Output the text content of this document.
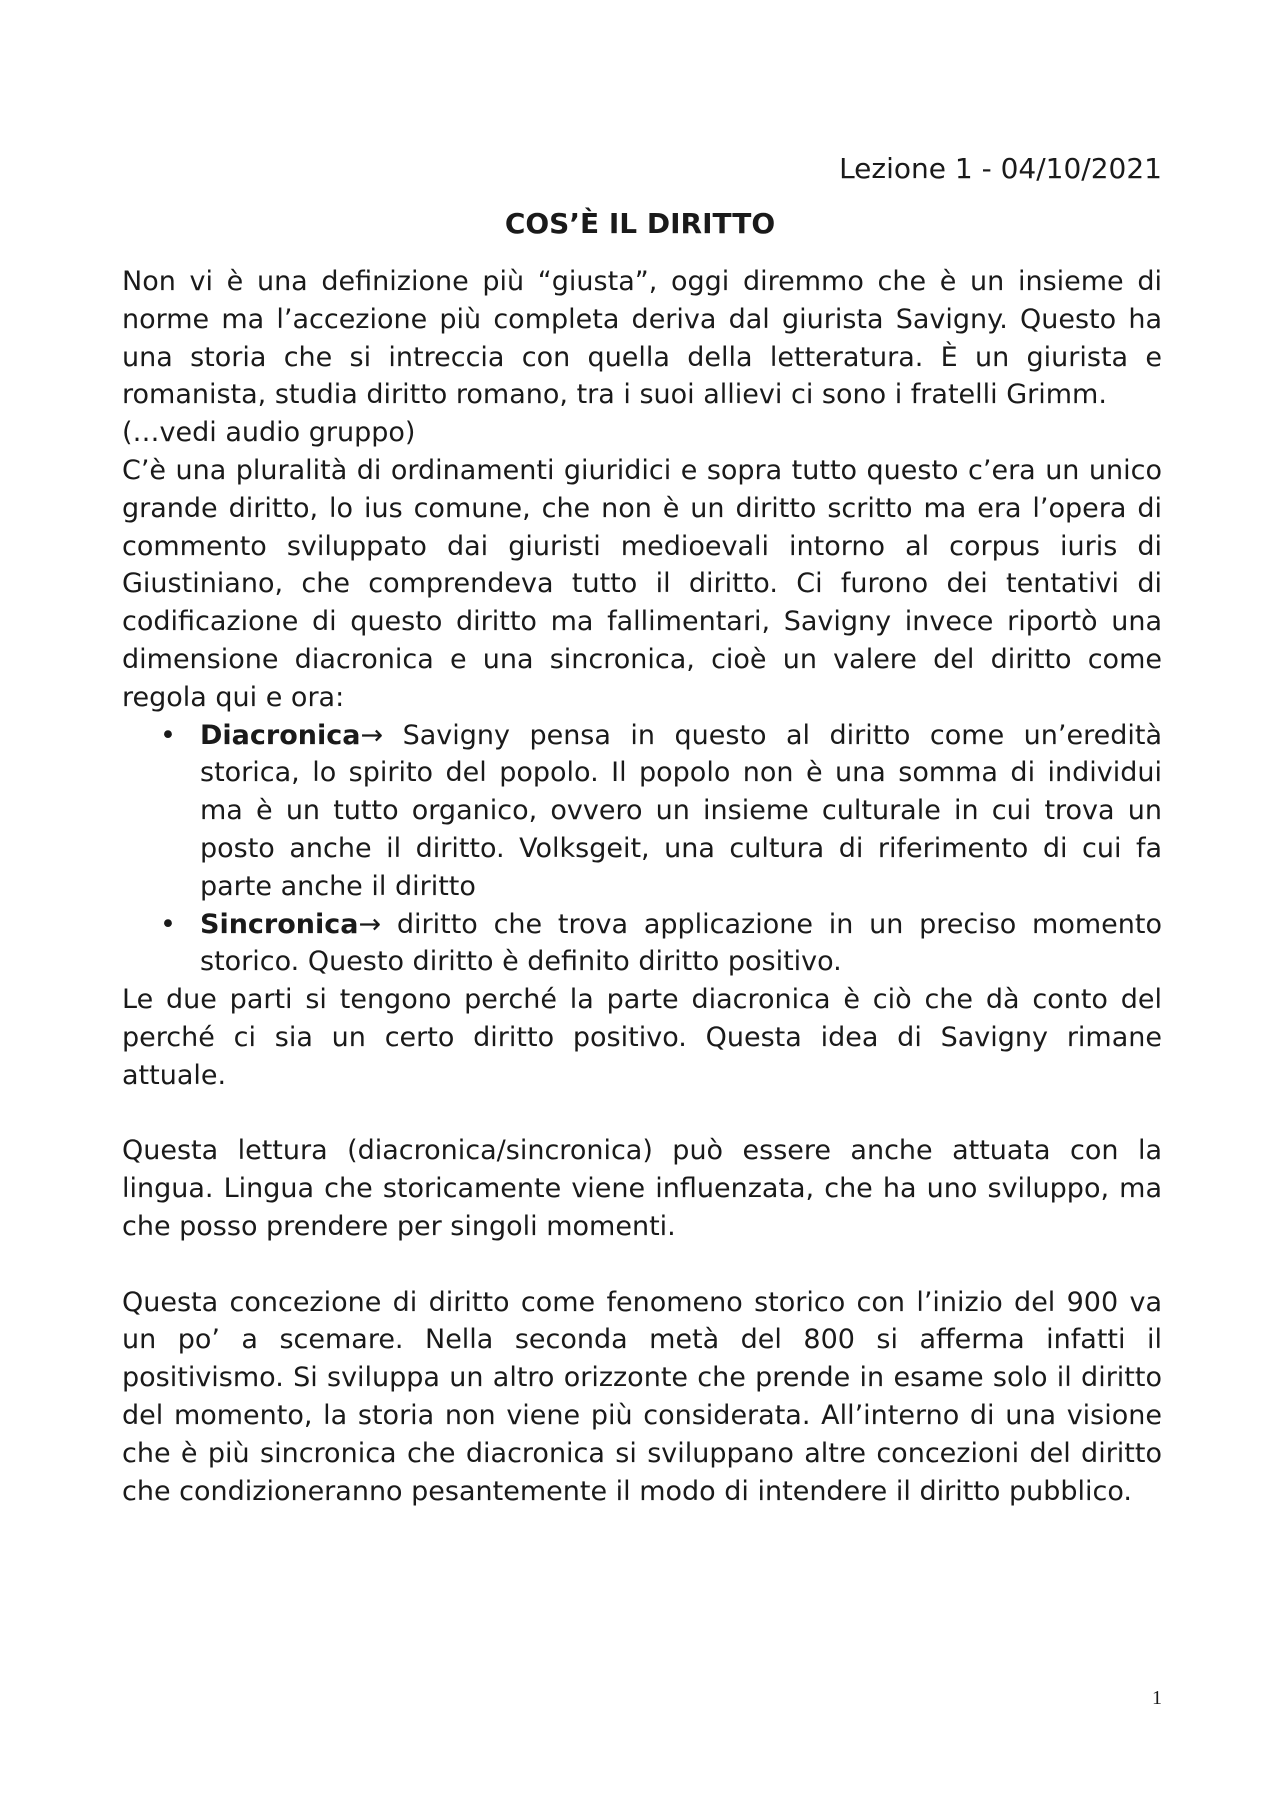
Lezione 1 - 04/10/2021

COS’È IL DIRITTO

Non vi è una definizione più “giusta”, oggi diremmo che è un insieme di norme ma l’accezione più completa deriva dal giurista Savigny. Questo ha una storia che si intreccia con quella della letteratura. È un giurista e romanista, studia diritto romano, tra i suoi allievi ci sono i fratelli Grimm.

(…vedi audio gruppo)

C’è una pluralità di ordinamenti giuridici e sopra tutto questo c’era un unico grande diritto, lo ius comune, che non è un diritto scritto ma era l’opera di commento sviluppato dai giuristi medioevali intorno al corpus iuris di Giustiniano, che comprendeva tutto il diritto. Ci furono dei tentativi di codificazione di questo diritto ma fallimentari, Savigny invece riportò una dimensione diacronica e una sincronica, cioè un valere del diritto come regola qui e ora:

• Diacronica→ Savigny pensa in questo al diritto come un’eredità storica, lo spirito del popolo. Il popolo non è una somma di individui ma è un tutto organico, ovvero un insieme culturale in cui trova un posto anche il diritto. Volksgeit, una cultura di riferimento di cui fa parte anche il diritto
• Sincronica→ diritto che trova applicazione in un preciso momento storico. Questo diritto è definito diritto positivo.

Le due parti si tengono perché la parte diacronica è ciò che dà conto del perché ci sia un certo diritto positivo. Questa idea di Savigny rimane attuale.

Questa lettura (diacronica/sincronica) può essere anche attuata con la lingua. Lingua che storicamente viene influenzata, che ha uno sviluppo, ma che posso prendere per singoli momenti.

Questa concezione di diritto come fenomeno storico con l’inizio del 900 va un po’ a scemare. Nella seconda metà del 800 si afferma infatti il positivismo. Si sviluppa un altro orizzonte che prende in esame solo il diritto del momento, la storia non viene più considerata. All’interno di una visione che è più sincronica che diacronica si sviluppano altre concezioni del diritto che condizioneranno pesantemente il modo di intendere il diritto pubblico.

1
